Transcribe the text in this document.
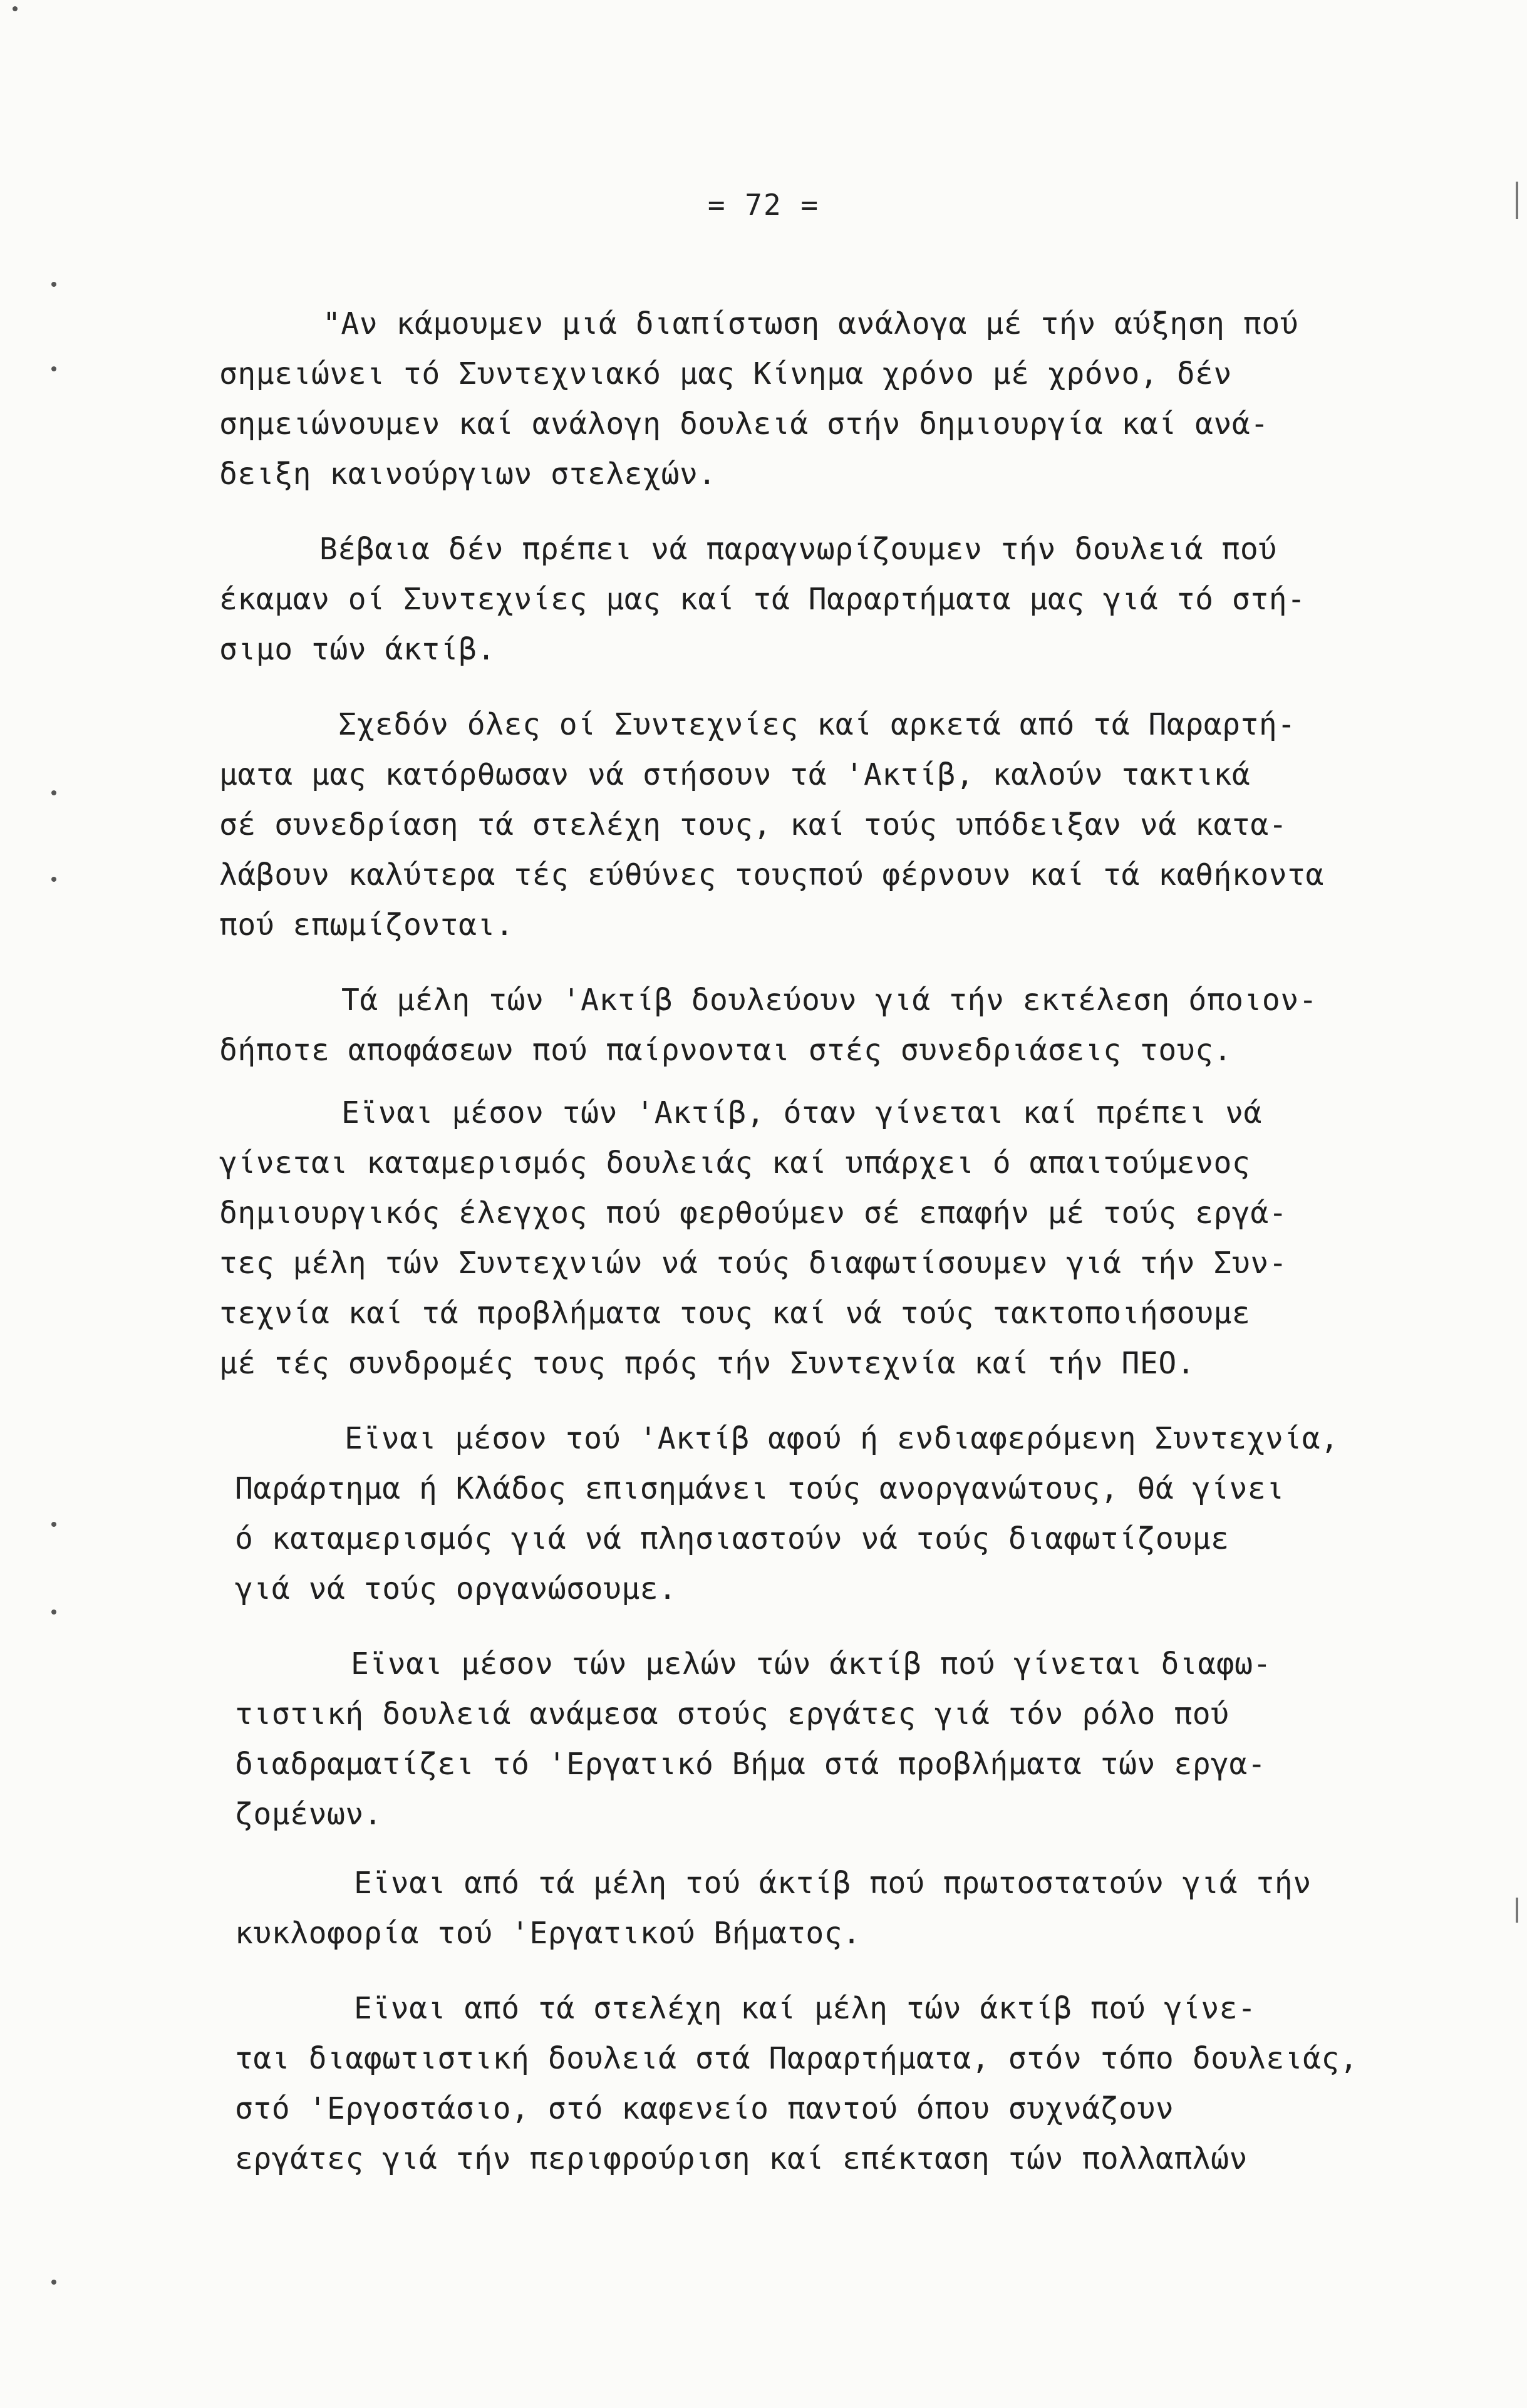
= 72 =
"Αν κάμουμεν μιά διαπίστωση ανάλογα μέ τήν αύξηση πού
σημειώνει τό Συντεχνιακό μας Κίνημα χρόνο μέ χρόνο, δέν
σημειώνουμεν καί ανάλογη δουλειά στήν δημιουργία καί ανά-
δειξη καινούργιων στελεχών.
Βέβαια δέν πρέπει νά παραγνωρίζουμεν τήν δουλειά πού
έκαμαν οί Συντεχνίες μας καί τά Παραρτήματα μας γιά τό στή-
σιμο τών άκτίβ.
Σχεδόν όλες οί Συντεχνίες καί αρκετά από τά Παραρτή-
ματα μας κατόρθωσαν νά στήσουν τά 'Ακτίβ, καλούν τακτικά
σέ συνεδρίαση τά στελέχη τους, καί τούς υπόδειξαν νά κατα-
λάβουν καλύτερα τές εύθύνες τουςπού φέρνουν καί τά καθήκοντα
πού επωμίζονται.
Τά μέλη τών 'Ακτίβ δουλεύουν γιά τήν εκτέλεση όποιον-
δήποτε αποφάσεων πού παίρνονται στές συνεδριάσεις τους.
Εϊναι μέσον τών 'Ακτίβ, όταν γίνεται καί πρέπει νά
γίνεται καταμερισμός δουλειάς καί υπάρχει ό απαιτούμενος
δημιουργικός έλεγχος πού φερθούμεν σέ επαφήν μέ τούς εργά-
τες μέλη τών Συντεχνιών νά τούς διαφωτίσουμεν γιά τήν Συν-
τεχνία καί τά προβλήματα τους καί νά τούς τακτοποιήσουμε
μέ τές συνδρομές τους πρός τήν Συντεχνία καί τήν ΠΕΟ.
Εϊναι μέσον τού 'Ακτίβ αφού ή ενδιαφερόμενη Συντεχνία,
Παράρτημα ή Κλάδος επισημάνει τούς ανοργανώτους, θά γίνει
ό καταμερισμός γιά νά πλησιαστούν νά τούς διαφωτίζουμε
γιά νά τούς οργανώσουμε.
Εϊναι μέσον τών μελών τών άκτίβ πού γίνεται διαφω-
τιστική δουλειά ανάμεσα στούς εργάτες γιά τόν ρόλο πού
διαδραματίζει τό 'Εργατικό Βήμα στά προβλήματα τών εργα-
ζομένων.
Εϊναι από τά μέλη τού άκτίβ πού πρωτοστατούν γιά τήν
κυκλοφορία τού 'Εργατικού Βήματος.
Εϊναι από τά στελέχη καί μέλη τών άκτίβ πού γίνε-
ται διαφωτιστική δουλειά στά Παραρτήματα, στόν τόπο δουλειάς,
στό 'Εργοστάσιο, στό καφενείο παντού όπου συχνάζουν
εργάτες γιά τήν περιφρούριση καί επέκταση τών πολλαπλών
